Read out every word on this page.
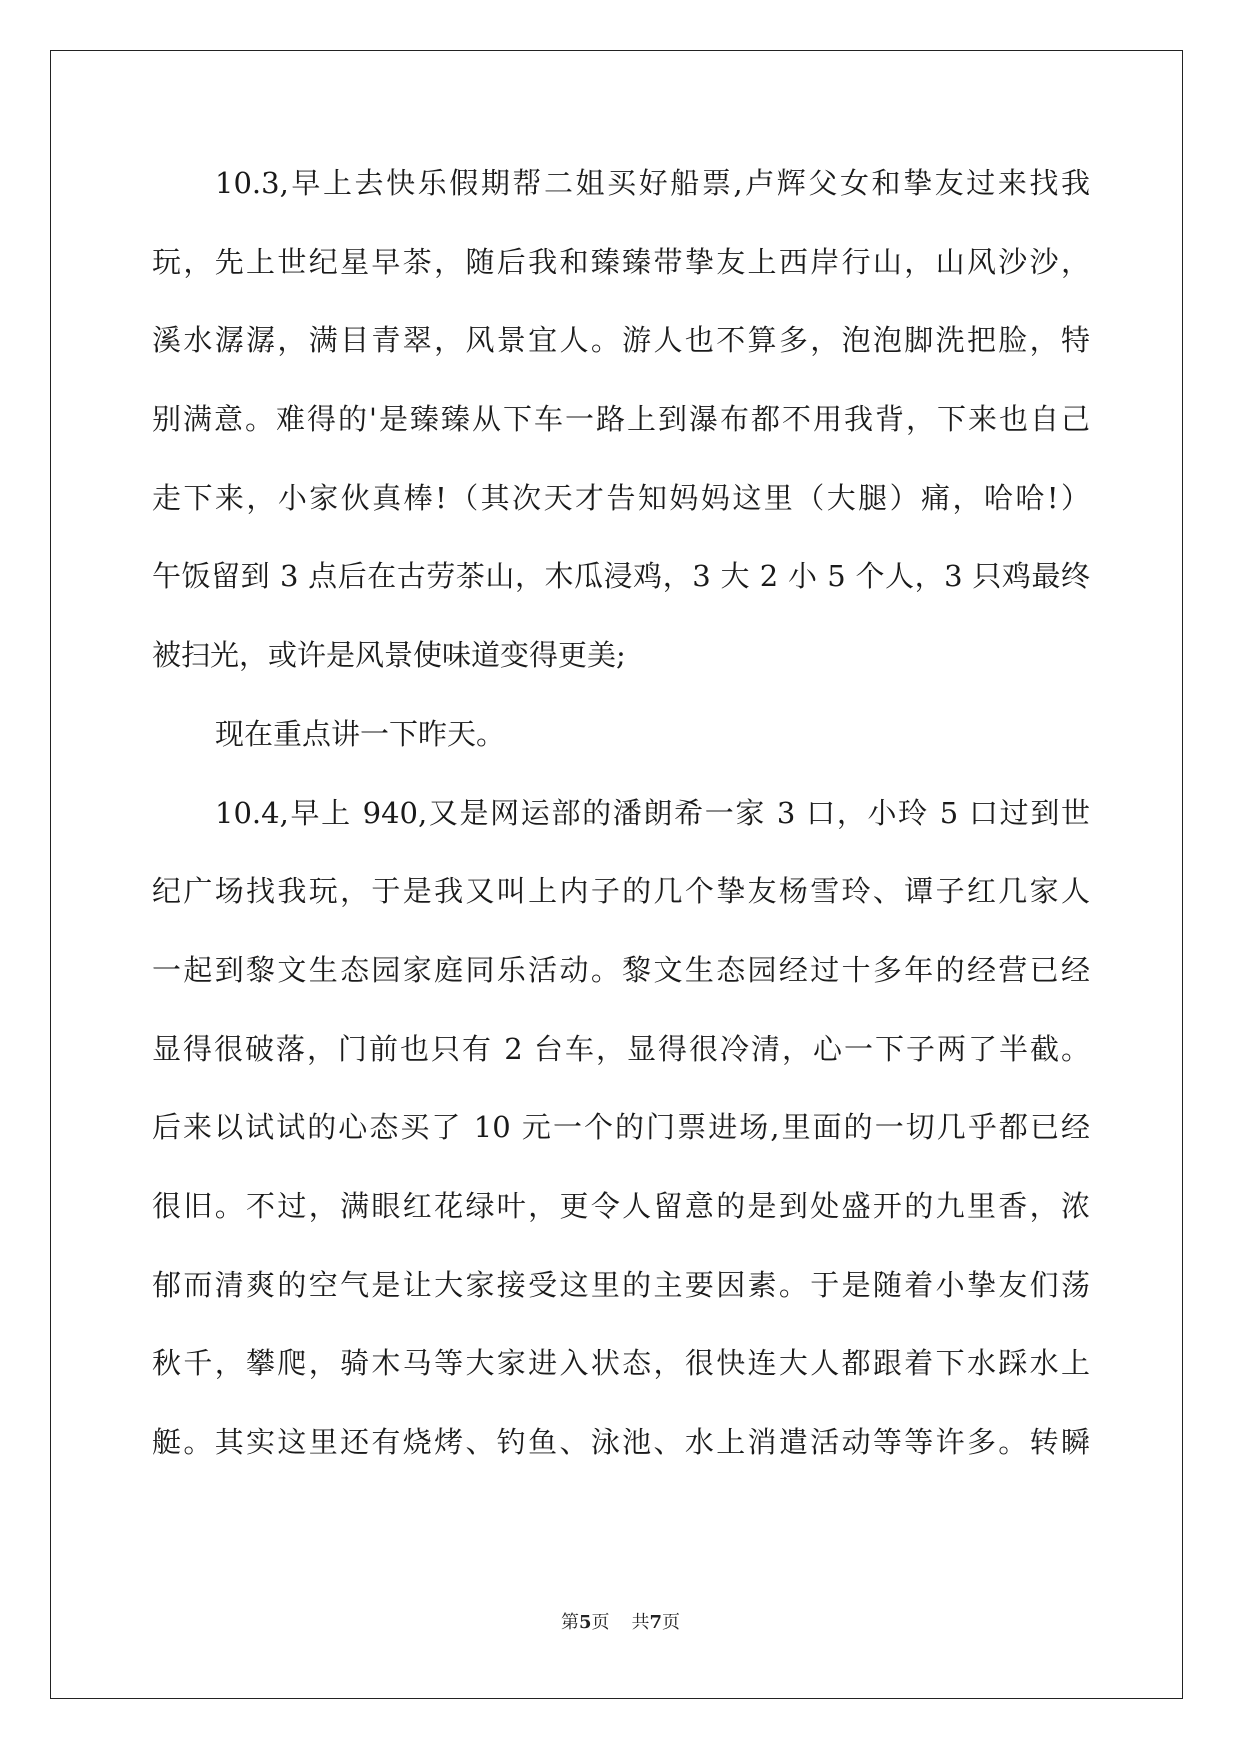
10.3,早上去快乐假期帮二姐买好船票,卢辉父女和挚友过来找我
玩，先上世纪星早茶，随后我和臻臻带挚友上西岸行山，山风沙沙，
溪水潺潺，满目青翠，风景宜人。游人也不算多，泡泡脚洗把脸，特
别满意。难得的'是臻臻从下车一路上到瀑布都不用我背，下来也自己
走下来，小家伙真棒!（其次天才告知妈妈这里（大腿）痛，哈哈!）
午饭留到 3 点后在古劳茶山，木瓜浸鸡，3 大 2 小 5 个人，3 只鸡最终
被扫光，或许是风景使味道变得更美;
现在重点讲一下昨天。
10.4,早上 940,又是网运部的潘朗希一家 3 口，小玲 5 口过到世
纪广场找我玩，于是我又叫上内子的几个挚友杨雪玲、谭子红几家人
一起到黎文生态园家庭同乐活动。黎文生态园经过十多年的经营已经
显得很破落，门前也只有 2 台车，显得很冷清，心一下子两了半截。
后来以试试的心态买了 10 元一个的门票进场,里面的一切几乎都已经
很旧。不过，满眼红花绿叶，更令人留意的是到处盛开的九里香，浓
郁而清爽的空气是让大家接受这里的主要因素。于是随着小挚友们荡
秋千，攀爬，骑木马等大家进入状态，很快连大人都跟着下水踩水上
艇。其实这里还有烧烤、钓鱼、泳池、水上消遣活动等等许多。转瞬
第5页 共7页
